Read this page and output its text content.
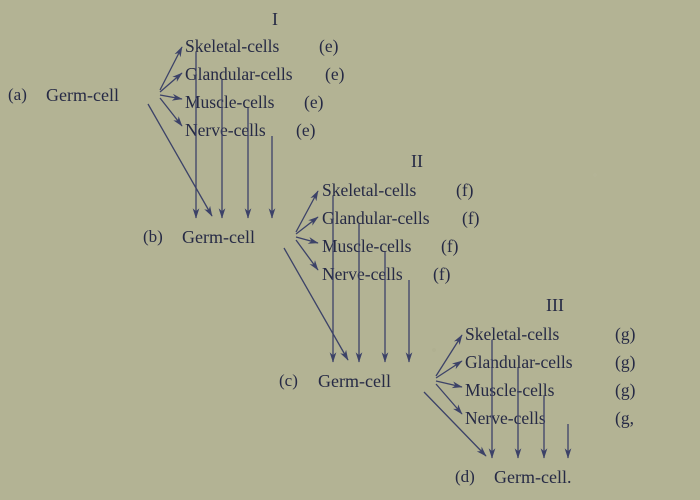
I
(a) Germ-cell
Skeletal-cells (e)
Glandular-cells (e)
Muscle-cells (e)
Nerve-cells (e)
II
(b) Germ-cell
Skeletal-cells (f)
Glandular-cells (f)
Muscle-cells (f)
Nerve-cells (f)
III
(c) Germ-cell
Skeletal-cells	(g)
Glandular-cells (g)
Muscle-cells	(g)
Nerve-cells	(g,
(d) Germ-cell.
